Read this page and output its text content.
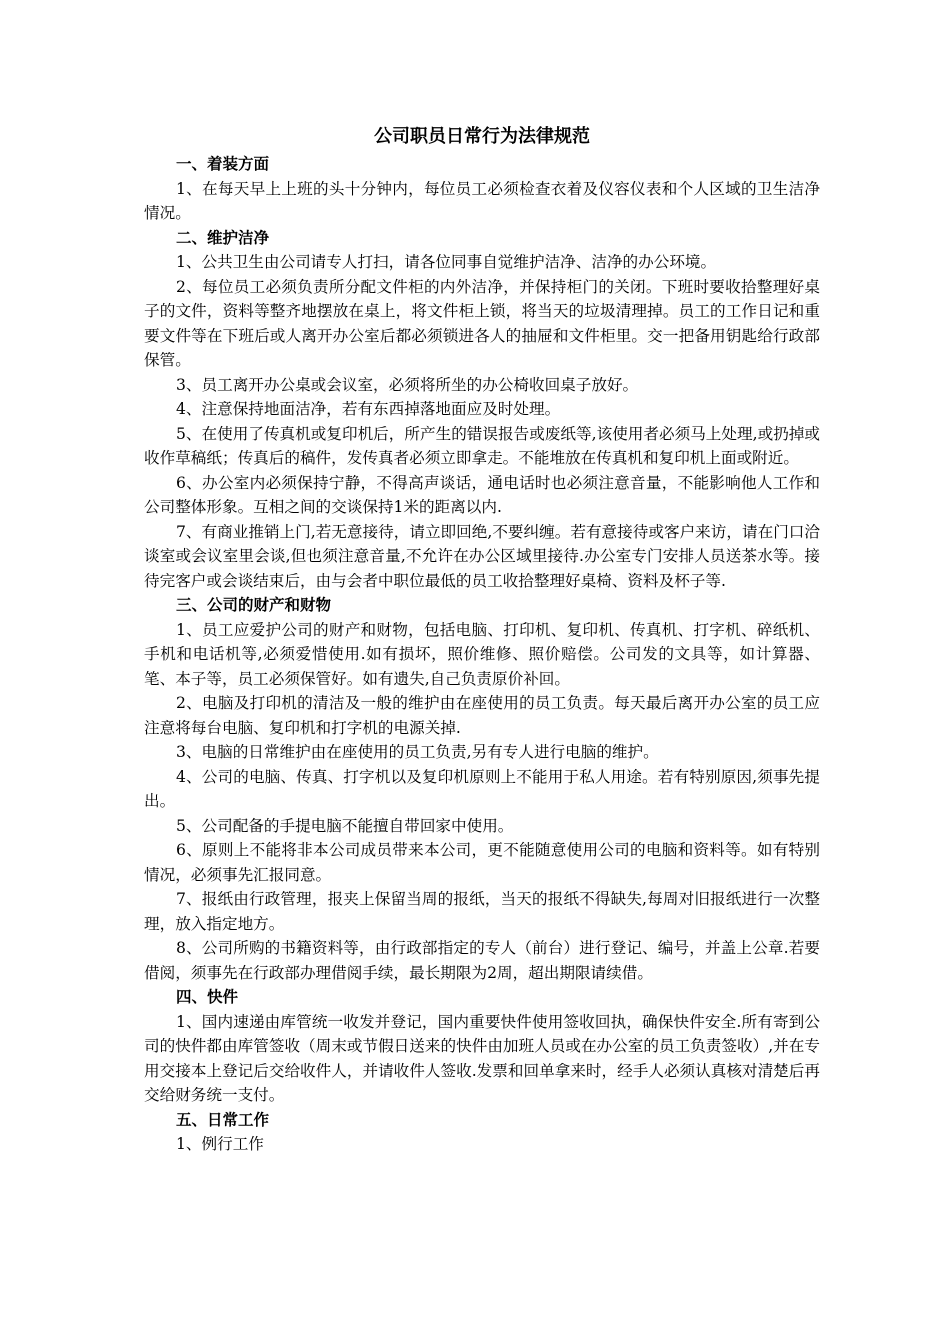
公司职员日常行为法律规范

一、着装方面

1、在每天早上上班的头十分钟内，每位员工必须检查衣着及仪容仪表和个人区域的卫生洁净情况。

二、维护洁净

1、公共卫生由公司请专人打扫，请各位同事自觉维护洁净、洁净的办公环境。

2、每位员工必须负责所分配文件柜的内外洁净，并保持柜门的关闭。下班时要收拾整理好桌子的文件，资料等整齐地摆放在桌上，将文件柜上锁，将当天的垃圾清理掉。员工的工作日记和重要文件等在下班后或人离开办公室后都必须锁进各人的抽屉和文件柜里。交一把备用钥匙给行政部保管。

3、员工离开办公桌或会议室，必须将所坐的办公椅收回桌子放好。

4、注意保持地面洁净，若有东西掉落地面应及时处理。

5、在使用了传真机或复印机后，所产生的错误报告或废纸等,该使用者必须马上处理,或扔掉或收作草稿纸；传真后的稿件，发传真者必须立即拿走。不能堆放在传真机和复印机上面或附近。

6、办公室内必须保持宁静，不得高声谈话，通电话时也必须注意音量，不能影响他人工作和公司整体形象。互相之间的交谈保持1米的距离以内.

7、有商业推销上门,若无意接待，请立即回绝,不要纠缠。若有意接待或客户来访，请在门口洽谈室或会议室里会谈,但也须注意音量,不允许在办公区域里接待.办公室专门安排人员送茶水等。接待完客户或会谈结束后，由与会者中职位最低的员工收拾整理好桌椅、资料及杯子等.

三、公司的财产和财物

1、员工应爱护公司的财产和财物，包括电脑、打印机、复印机、传真机、打字机、碎纸机、手机和电话机等,必须爱惜使用.如有损坏，照价维修、照价赔偿。公司发的文具等，如计算器、笔、本子等，员工必须保管好。如有遗失,自己负责原价补回。

2、电脑及打印机的清洁及一般的维护由在座使用的员工负责。每天最后离开办公室的员工应注意将每台电脑、复印机和打字机的电源关掉.

3、电脑的日常维护由在座使用的员工负责,另有专人进行电脑的维护。

4、公司的电脑、传真、打字机以及复印机原则上不能用于私人用途。若有特别原因,须事先提出。

5、公司配备的手提电脑不能擅自带回家中使用。

6、原则上不能将非本公司成员带来本公司，更不能随意使用公司的电脑和资料等。如有特别情况，必须事先汇报同意。

7、报纸由行政管理，报夹上保留当周的报纸，当天的报纸不得缺失,每周对旧报纸进行一次整理，放入指定地方。

8、公司所购的书籍资料等，由行政部指定的专人（前台）进行登记、编号，并盖上公章.若要借阅，须事先在行政部办理借阅手续，最长期限为2周，超出期限请续借。

四、快件

1、国内速递由库管统一收发并登记，国内重要快件使用签收回执，确保快件安全.所有寄到公司的快件都由库管签收（周末或节假日送来的快件由加班人员或在办公室的员工负责签收）,并在专用交接本上登记后交给收件人，并请收件人签收.发票和回单拿来时，经手人必须认真核对清楚后再交给财务统一支付。

五、日常工作

1、例行工作
